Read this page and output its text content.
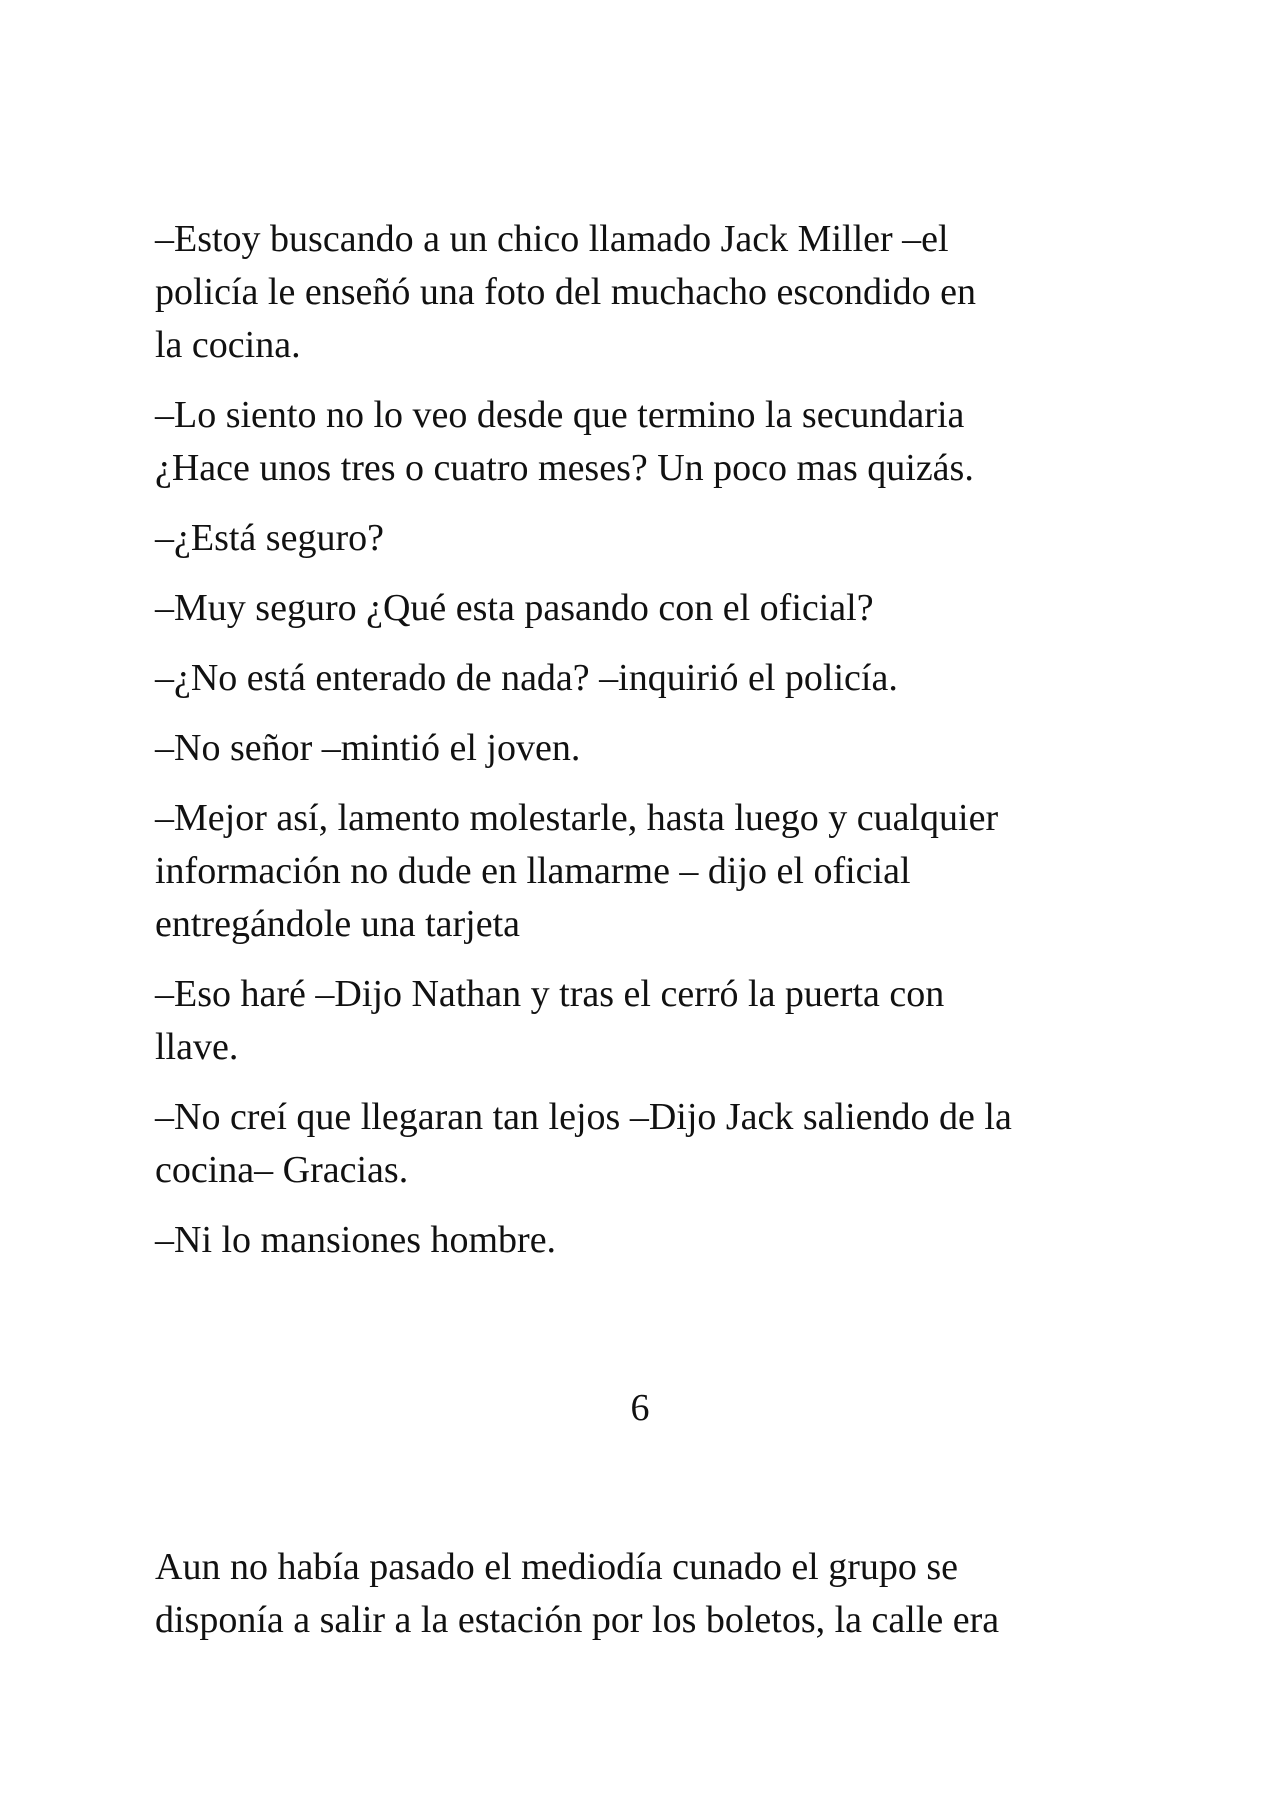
–Estoy buscando a un chico llamado Jack Miller –el
policía le enseñó una foto del muchacho escondido en
la cocina.

–Lo siento no lo veo desde que termino la secundaria
¿Hace unos tres o cuatro meses? Un poco mas quizás.

–¿Está seguro?

–Muy seguro ¿Qué esta pasando con el oficial?

–¿No está enterado de nada? –inquirió el policía.

–No señor –mintió el joven.

–Mejor así, lamento molestarle, hasta luego y cualquier
información no dude en llamarme – dijo el oficial
entregándole una tarjeta

–Eso haré –Dijo Nathan y tras el cerró la puerta con
llave.

–No creí que llegaran tan lejos –Dijo Jack saliendo de la
cocina– Gracias.

–Ni lo mansiones hombre.

6

Aun no había pasado el mediodía cunado el grupo se
disponía a salir a la estación por los boletos, la calle era
